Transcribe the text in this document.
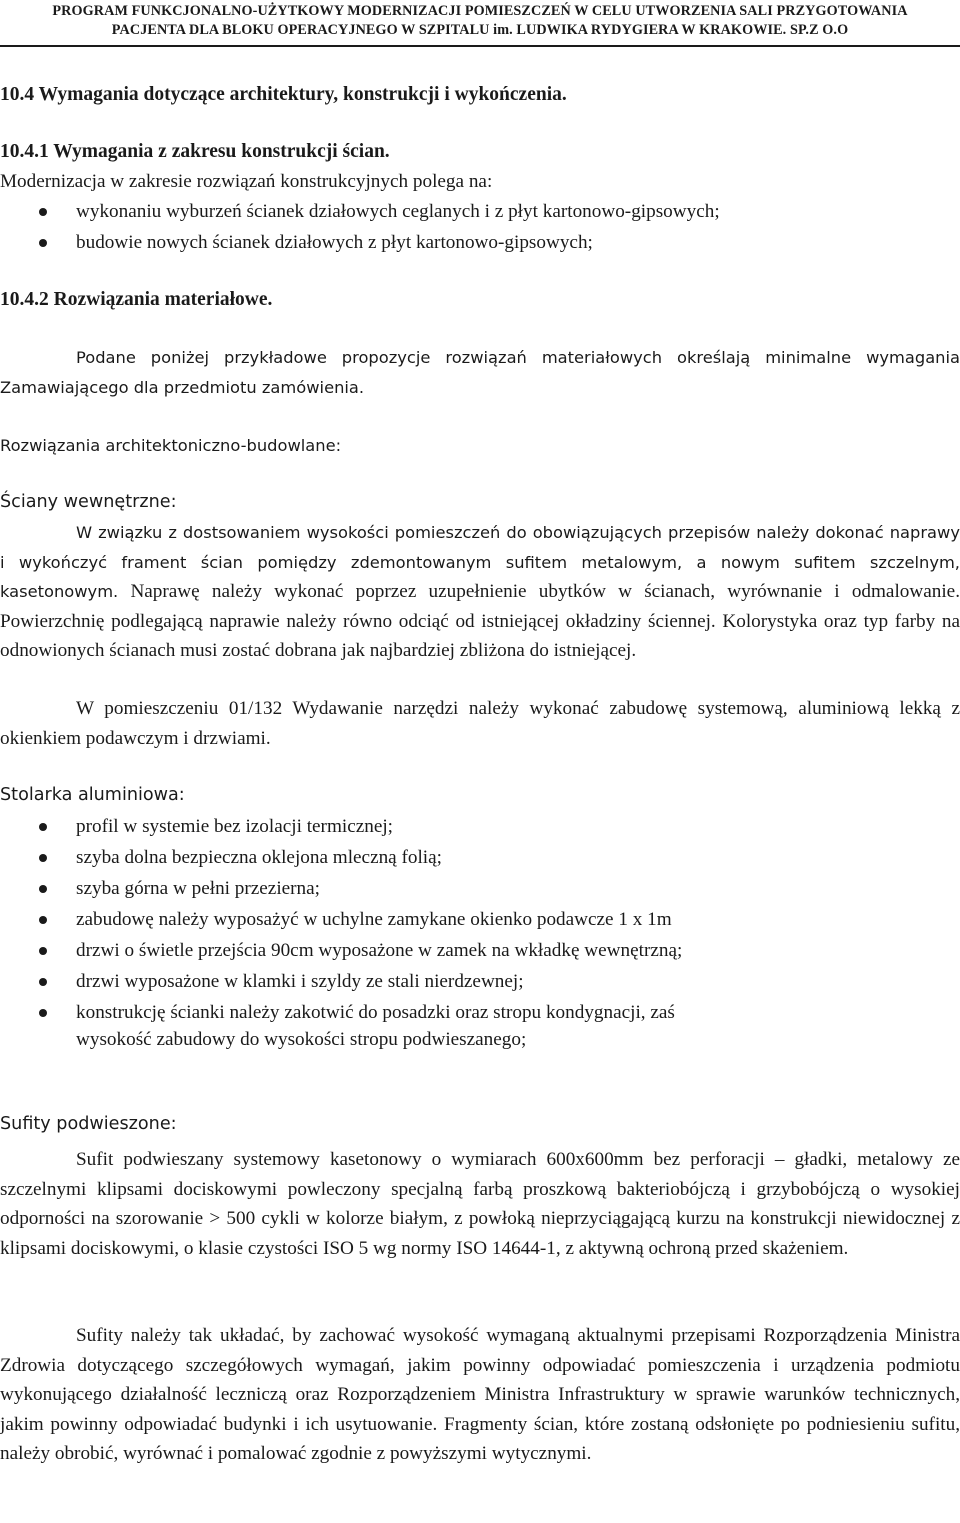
PROGRAM FUNKCJONALNO-UŻYTKOWY MODERNIZACJI POMIESZCZEŃ W CELU UTWORZENIA SALI PRZYGOTOWANIA
PACJENTA DLA BLOKU OPERACYJNEGO W SZPITALU im. LUDWIKA RYDYGIERA W KRAKOWIE. SP.Z O.O
10.4 Wymagania dotyczące architektury, konstrukcji i wykończenia.
10.4.1 Wymagania z zakresu konstrukcji ścian.
Modernizacja w zakresie rozwiązań konstrukcyjnych polega na:
wykonaniu wyburzeń ścianek działowych ceglanych i z płyt kartonowo-gipsowych;
budowie nowych ścianek działowych z płyt kartonowo-gipsowych;
10.4.2 Rozwiązania materiałowe.
Podane poniżej przykładowe propozycje rozwiązań materiałowych określają minimalne wymagania Zamawiającego dla przedmiotu zamówienia.
Rozwiązania architektoniczno-budowlane:
Ściany wewnętrzne:
W związku z dostsowaniem wysokości pomieszczeń do obowiązujących przepisów należy dokonać naprawy i wykończyć frament ścian pomiędzy zdemontowanym sufitem metalowym, a nowym sufitem szczelnym, kasetonowym. Naprawę należy wykonać poprzez uzupełnienie ubytków w ścianach, wyrównanie i odmalowanie. Powierzchnię podlegającą naprawie należy równo odciąć od istniejącej okładziny ściennej. Kolorystyka oraz typ farby na odnowionych ścianach musi zostać dobrana jak najbardziej zbliżona do istniejącej.
W pomieszczeniu 01/132 Wydawanie narzędzi należy wykonać zabudowę systemową, aluminiową lekką z okienkiem podawczym i drzwiami.
Stolarka aluminiowa:
profil w systemie bez izolacji termicznej;
szyba dolna bezpieczna oklejona mleczną folią;
szyba górna w pełni przezierna;
zabudowę należy wyposażyć w uchylne zamykane okienko podawcze 1 x 1m
drzwi o świetle przejścia 90cm wyposażone w zamek na wkładkę wewnętrzną;
drzwi wyposażone w klamki i szyldy ze stali nierdzewnej;
konstrukcję ścianki należy zakotwić do posadzki oraz stropu kondygnacji, zaś
wysokość zabudowy do wysokości stropu podwieszanego;
Sufity podwieszone:
Sufit podwieszany systemowy kasetonowy o wymiarach 600x600mm bez perforacji – gładki, metalowy ze szczelnymi klipsami dociskowymi powleczony specjalną farbą proszkową bakteriobójczą i grzybobójczą o wysokiej odporności na szorowanie > 500 cykli w kolorze białym, z powłoką nieprzyciągającą kurzu na konstrukcji niewidocznej z klipsami dociskowymi, o klasie czystości ISO 5 wg normy ISO 14644-1, z aktywną ochroną przed skażeniem.
Sufity należy tak układać, by zachować wysokość wymaganą aktualnymi przepisami Rozporządzenia Ministra Zdrowia dotyczącego szczegółowych wymagań, jakim powinny odpowiadać pomieszczenia i urządzenia podmiotu wykonującego działalność leczniczą oraz Rozporządzeniem Ministra Infrastruktury w sprawie warunków technicznych, jakim powinny odpowiadać budynki i ich usytuowanie. Fragmenty ścian, które zostaną odsłonięte po podniesieniu sufitu, należy obrobić, wyrównać i pomalować zgodnie z powyższymi wytycznymi.
